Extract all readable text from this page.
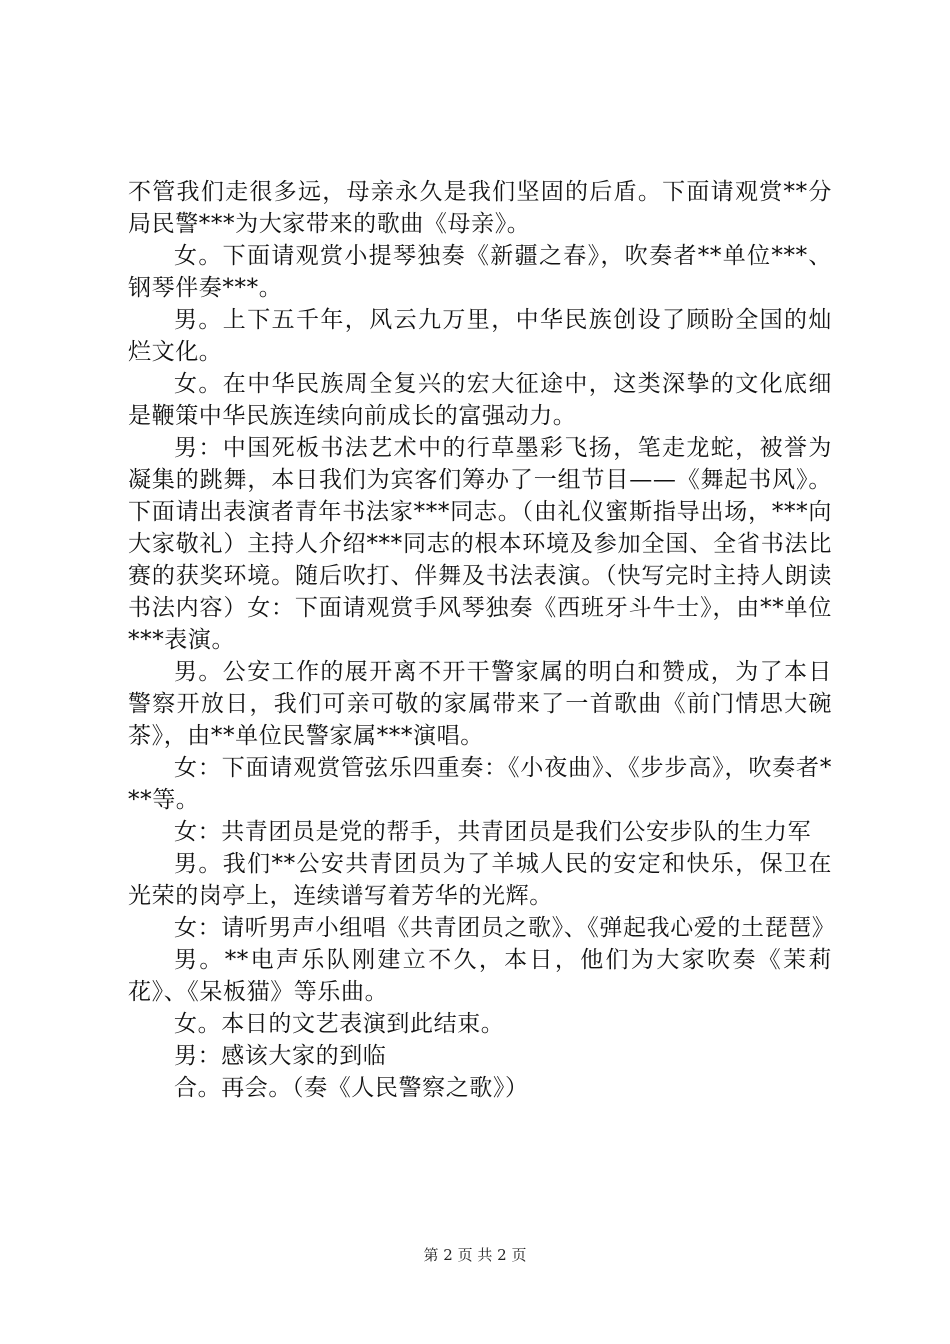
不管我们走很多远，母亲永久是我们坚固的后盾。下面请观赏**分局民警***为大家带来的歌曲《母亲》。

女。下面请观赏小提琴独奏《新疆之春》，吹奏者**单位***、钢琴伴奏***。

男。上下五千年，风云九万里，中华民族创设了顾盼全国的灿烂文化。

女。在中华民族周全复兴的宏大征途中，这类深挚的文化底细是鞭策中华民族连续向前成长的富强动力。

男：中国死板书法艺术中的行草墨彩飞扬，笔走龙蛇，被誉为凝集的跳舞，本日我们为宾客们筹办了一组节目——《舞起书风》。下面请出表演者青年书法家***同志。（由礼仪蜜斯指导出场，***向大家敬礼）主持人介绍***同志的根本环境及参加全国、全省书法比赛的获奖环境。随后吹打、伴舞及书法表演。（快写完时主持人朗读书法内容）女：下面请观赏手风琴独奏《西班牙斗牛士》，由**单位***表演。

男。公安工作的展开离不开干警家属的明白和赞成，为了本日警察开放日，我们可亲可敬的家属带来了一首歌曲《前门情思大碗茶》，由**单位民警家属***演唱。

女：下面请观赏管弦乐四重奏：《小夜曲》、《步步高》，吹奏者***等。

女：共青团员是党的帮手，共青团员是我们公安步队的生力军

男。我们**公安共青团员为了羊城人民的安定和快乐，保卫在光荣的岗亭上，连续谱写着芳华的光辉。

女：请听男声小组唱《共青团员之歌》、《弹起我心爱的土琵琶》

男。**电声乐队刚建立不久，本日，他们为大家吹奏《茉莉花》、《呆板猫》等乐曲。

女。本日的文艺表演到此结束。

男：感该大家的到临

合。再会。（奏《人民警察之歌》）

第 2 页 共 2 页
